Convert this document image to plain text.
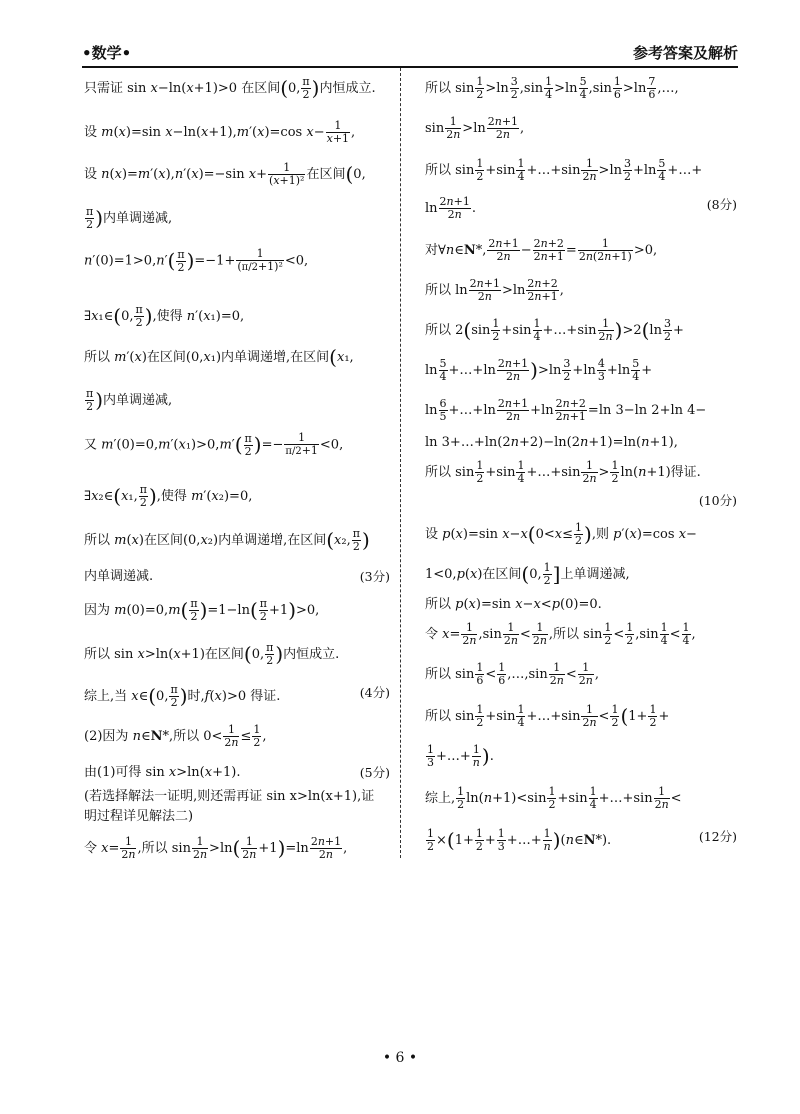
•数学•	参考答案及解析
只需证 sin x−ln(x+1)>0 在区间(0, $\frac{\pi}{2}$ )内恒成立.
设 m(x)=sin x−ln(x+1),m′(x)=cos $x- \frac{1}{x+1}$ ,
设 n(x)=m′(x),n′(x)=−sin $x+ \frac{1}{\text{(x+1)²}}$ 在区间(0,
$\frac{\pi}{2}$ )内单调递减,
$n'(0)=1>0,n'( \frac{\pi}{2} )=-1+ \frac{1}{\text{(π/2+1)²}} <0$,
∃x₁∈(0, $\frac{\pi}{2}$ ),使得 n′(x₁)=0,
所以 m′(x)在区间(0,x₁)内单调递增,在区间(x₁,
$\frac{\pi}{2}$ )内单调递减,
又 $m'(0)=0,m'(x_1)>0,m'( \frac{\pi}{2}$ )=− $\frac{1}{\pi/2+1} <0$,
∃x₂∈(x₁, $\frac{\pi}{2}$ ),使得 m′(x₂)=0,
所以 m(x)在区间(0,x₂)内单调递增,在区间(x₂, $\frac{\pi}{2}$ )
内单调递减.	(3分)
因为 $m(0)=0,m( \frac{\pi}{2} )=1-\ln( \frac{\pi}{2} +1)>0$,
所以 sin x>ln(x+1)在区间(0, $\frac{\pi}{2}$ )内恒成立.
综上,当 x∈(0, $\frac{\pi}{2}$ )时,f(x)>0 得证.	(4分)
(2)因为 n∈N*,所以 $0< \frac{1}{2n} \le \frac{1}{2}$ ,
由(1)可得 sin x>ln(x+1).	(5分)
(若选择解法一证明,则还需再证 sin x>ln(x+1),证
明过程详见解法二)
令 $x= \frac{1}{2n}$ ,所以 $\sin \frac{1}{2n} >\ln( \frac{1}{2n} +1)=\ln \frac{2n+1}{2n}$ ,
所以 $\sin \frac{1}{2} >\ln \frac{3}{2} ,\sin \frac{1}{4} >\ln \frac{5}{4} ,\sin \frac{1}{6} >\ln \frac{7}{6}$ ,…,
$\sin \frac{1}{2n} >\ln \frac{2n+1}{2n}$ ,
所以 $\sin \frac{1}{2} +\sin \frac{1}{4}$ +…+sin $\frac{1}{2n} >\ln \frac{3}{2} +\ln \frac{5}{4}$ +…+
$\ln \frac{2n+1}{2n}$ .	(8分)
对∀n∈N*, $\frac{2n+1}{2n} - \frac{2n+2}{2n+1} = \frac{1}{2n(2n+1)} >0$,
所以 $\ln \frac{2n+1}{2n} >\ln \frac{2n+2}{2n+1}$ ,
所以 $2(\sin \frac{1}{2} +\sin \frac{1}{4}$ +…+sin $\frac{1}{2n} )>2(\ln \frac{3}{2}$ +
$\ln \frac{5}{4}$ +…+ln $\frac{2n+1}{2n} )>\ln \frac{3}{2} +\ln \frac{4}{3} +\ln \frac{5}{4}$ +
$\ln \frac{6}{5}$ +…+ln $\frac{2n+1}{2n} +\ln \frac{2n+2}{2n+1} =\ln$ 3−ln 2+ln 4−
ln 3+…+ln(2n+2)−ln(2n+1)=ln(n+1),
所以 $\sin \frac{1}{2} +\sin \frac{1}{4}$ +…+sin $\frac{1}{2n} > \frac{1}{2} \ln(n+1)$得证.
(10分)
设 p(x)=sin $x-x(0<x\le \frac{1}{2}$ ),则 p′(x)=cos x−
1<0,p(x)在区间(0, $\frac{1}{2}$ ]上单调递减,
所以 p(x)=sin x−x<p(0)=0.
令 $x= \frac{1}{2n} ,\sin \frac{1}{2n} < \frac{1}{2n}$ ,所以 $\sin \frac{1}{2} < \frac{1}{2} ,\sin \frac{1}{4} < \frac{1}{4}$ ,
所以 $\sin \frac{1}{6} < \frac{1}{6}$ ,…,sin $\frac{1}{2n} < \frac{1}{2n}$ ,
所以 $\sin \frac{1}{2} +\sin \frac{1}{4}$ +…+sin $\frac{1}{2n} < \frac{1}{2} (1+ \frac{1}{2}$ +
$\frac{1}{3}$ +…+ $\frac{1}{n}$ ).
综上, $\frac{1}{2} \ln(n+1)<\sin \frac{1}{2} +\sin \frac{1}{4}$ +…+sin $\frac{1}{2n}$ <
$\frac{1}{2} \times(1+ \frac{1}{2} + \frac{1}{3}$ +…+ $\frac{1}{n}$ )(n∈N*).	(12分)
• 6 •
